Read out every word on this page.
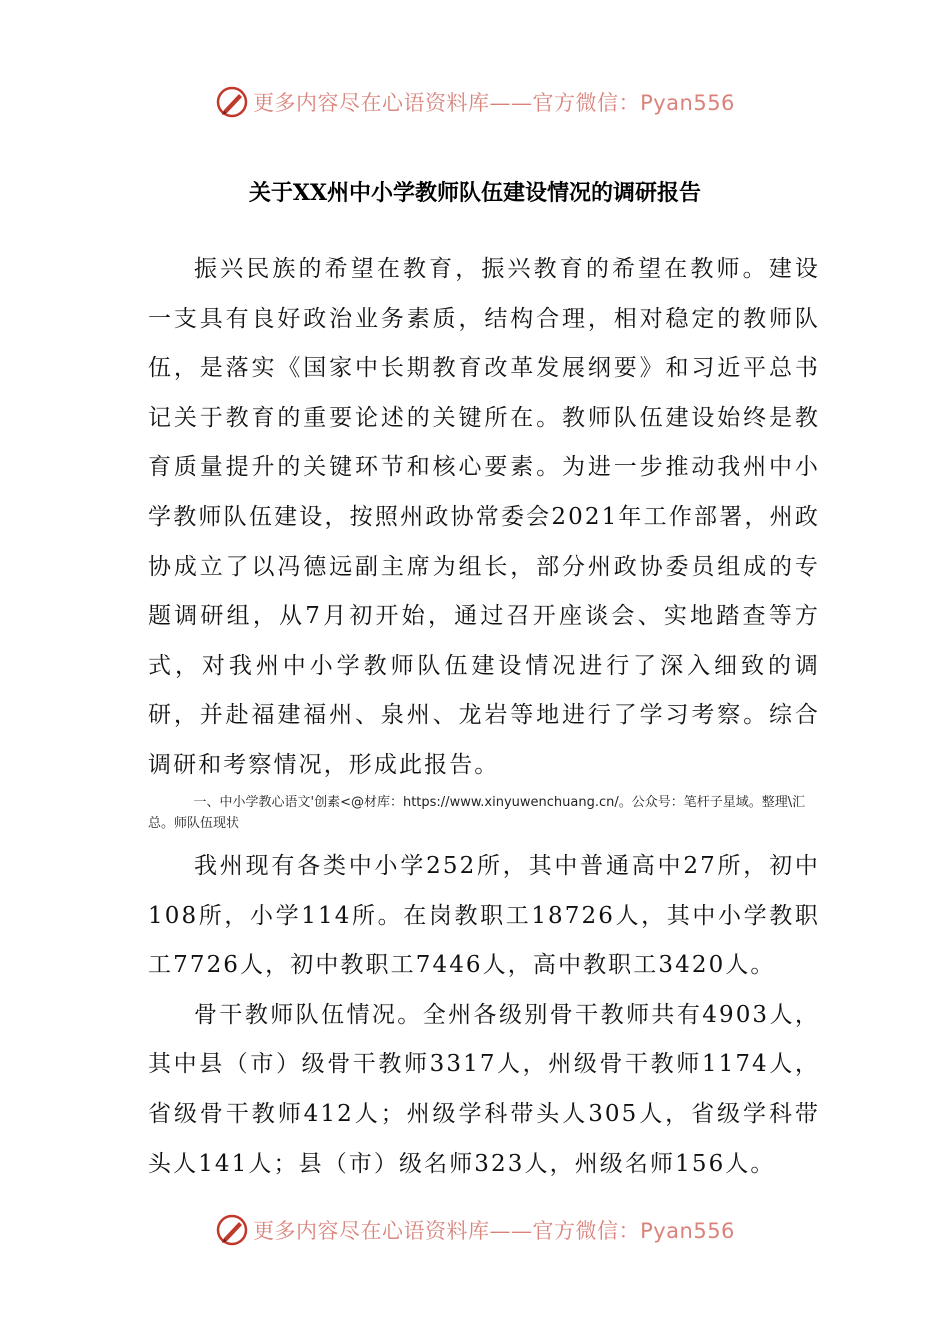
更多内容尽在心语资料库——官方微信：Pyan556
关于XX州中小学教师队伍建设情况的调研报告

振兴民族的希望在教育，振兴教育的希望在教师。建设一支具有良好政治业务素质，结构合理，相对稳定的教师队伍，是落实《国家中长期教育改革发展纲要》和习近平总书记关于教育的重要论述的关键所在。教师队伍建设始终是教育质量提升的关键环节和核心要素。为进一步推动我州中小学教师队伍建设，按照州政协常委会2021年工作部署，州政协成立了以冯德远副主席为组长，部分州政协委员组成的专题调研组，从7月初开始，通过召开座谈会、实地踏查等方式，对我州中小学教师队伍建设情况进行了深入细致的调研，并赴福建福州、泉州、龙岩等地进行了学习考察。综合调研和考察情况，形成此报告。

一、中小学教心语文'创素<@材库：https://www.xinyuwenchuang.cn/。公众号：笔杆子星域。整理\汇总。师队伍现状

我州现有各类中小学252所，其中普通高中27所，初中108所，小学114所。在岗教职工18726人，其中小学教职工7726人，初中教职工7446人，高中教职工3420人。

骨干教师队伍情况。全州各级别骨干教师共有4903人，其中县（市）级骨干教师3317人，州级骨干教师1174人，省级骨干教师412人；州级学科带头人305人，省级学科带头人141人；县（市）级名师323人，州级名师156人。

更多内容尽在心语资料库——官方微信：Pyan556
